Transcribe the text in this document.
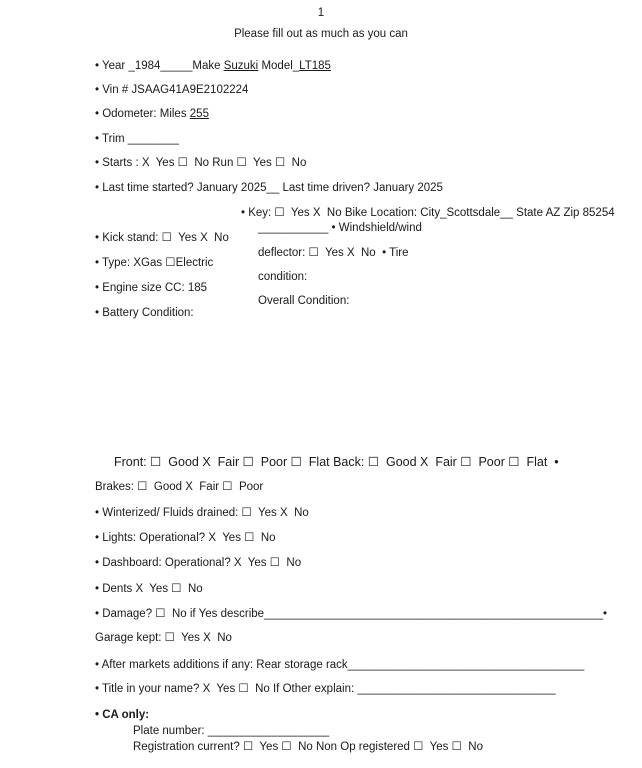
1
Please fill out as much as you can
• Year _1984_____Make Suzuki Model_LT185
• Vin # JSAAG41A9E2102224
• Odometer: Miles 255
• Trim ________
• Starts : X  Yes ☐  No Run ☐  Yes ☐  No
• Last time started? January 2025__ Last time driven? January 2025
• Key: ☐  Yes X  No Bike Location: City_Scottsdale__ State AZ Zip 85254
___________ • Windshield/wind
deflector: ☐  Yes X  No  • Tire
condition:
Overall Condition:
• Kick stand: ☐  Yes X  No
• Type: XGas ☐Electric
• Engine size CC: 185
• Battery Condition:
Front: ☐  Good X  Fair ☐  Poor ☐  Flat Back: ☐  Good X  Fair ☐  Poor ☐  Flat  •
Brakes: ☐  Good X  Fair ☐  Poor
• Winterized/ Fluids drained: ☐  Yes X  No
• Lights: Operational? X  Yes ☐  No
• Dashboard: Operational? X  Yes ☐  No
• Dents X  Yes ☐  No
• Damage? ☐  No if Yes describe_____________________________________________________•
Garage kept: ☐  Yes X  No
• After markets additions if any: Rear storage rack_____________________________________
• Title in your name? X  Yes ☐  No If Other explain: _______________________________
• CA only:
Plate number: ___________________
Registration current? ☐  Yes ☐  No Non Op registered ☐  Yes ☐  No
